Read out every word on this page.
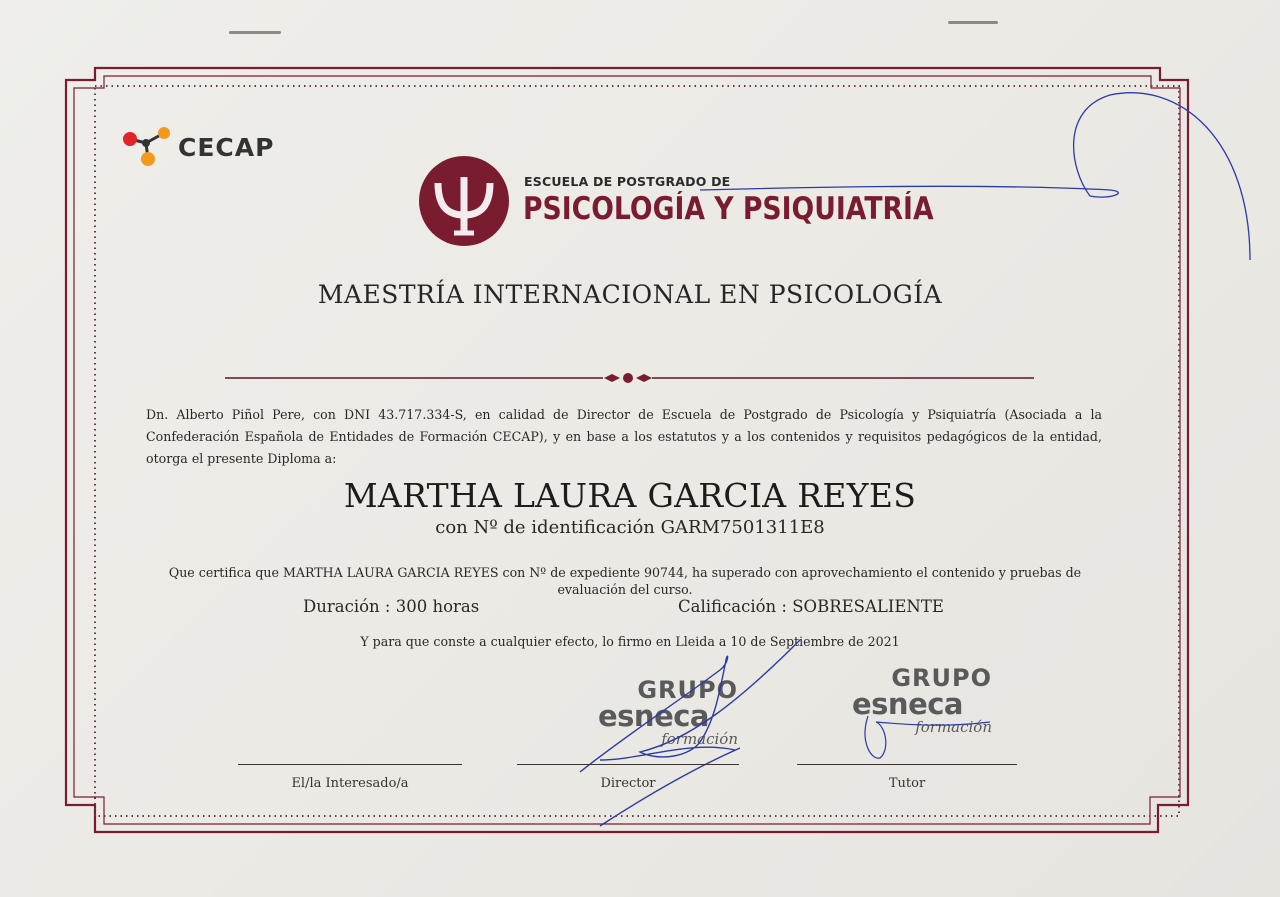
CECAP
ESCUELA DE POSTGRADO DE
PSICOLOGÍA Y PSIQUIATRÍA
MAESTRÍA INTERNACIONAL EN PSICOLOGÍA
Dn. Alberto Piñol Pere, con DNI 43.717.334-S, en calidad de Director de Escuela de Postgrado de Psicología y Psiquiatría (Asociada a la Confederación Española de Entidades de Formación CECAP), y en base a los estatutos y a los contenidos y requisitos pedagógicos de la entidad, otorga el presente Diploma a:
MARTHA LAURA GARCIA REYES
con Nº de identificación GARM7501311E8
Que certifica que MARTHA LAURA GARCIA REYES con Nº de expediente 90744, ha superado con aprovechamiento el contenido y pruebas de evaluación del curso.
Duración : 300 horas	Calificación : SOBRESALIENTE
Y para que conste a cualquier efecto, lo firmo en Lleida a 10 de Septiembre de 2021
GRUPO
esneca
formación
GRUPO
esneca
formación
El/la Interesado/a	Director	Tutor
